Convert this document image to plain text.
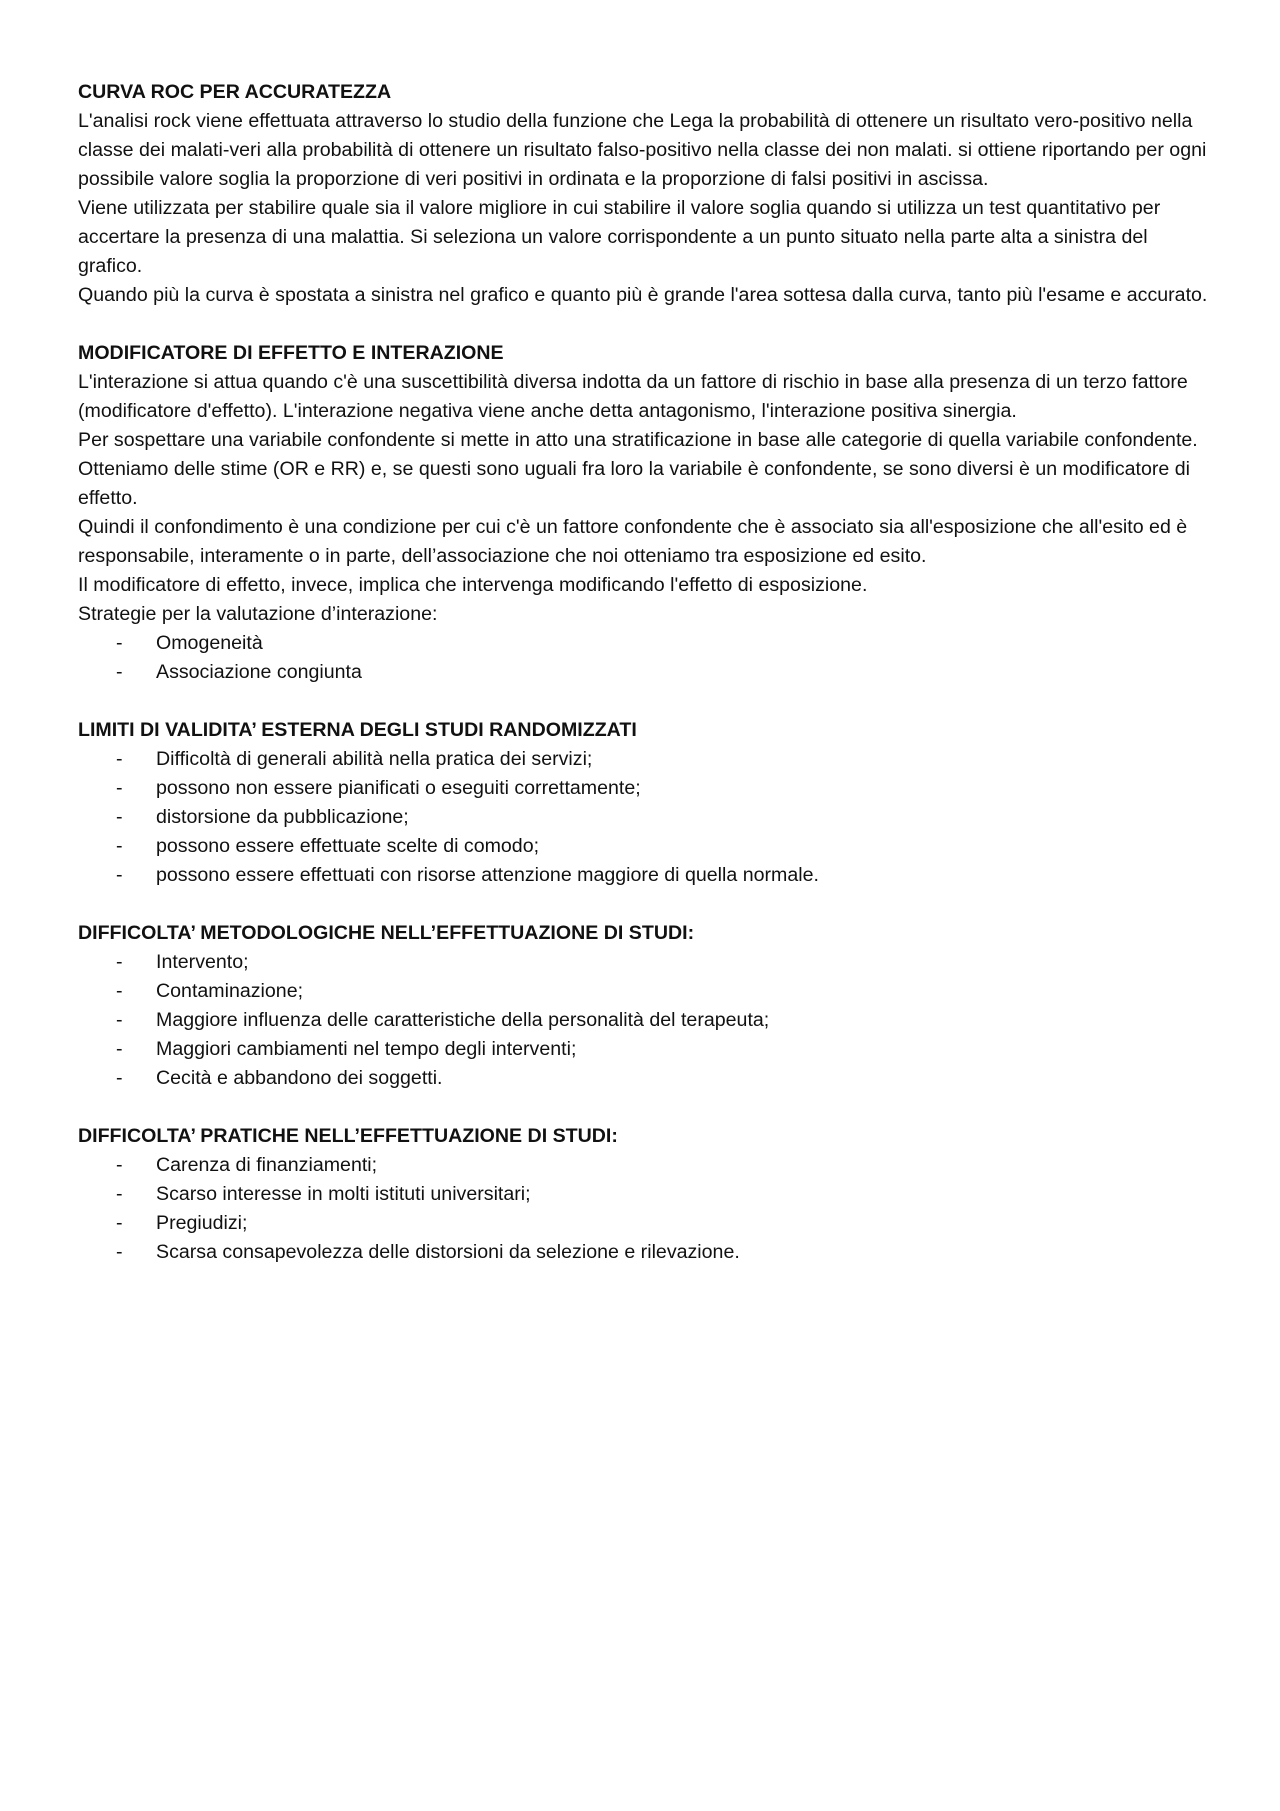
CURVA ROC PER ACCURATEZZA

L'analisi rock viene effettuata attraverso lo studio della funzione che Lega la probabilità di ottenere un risultato vero-positivo nella classe dei malati-veri alla probabilità di ottenere un risultato falso-positivo nella classe dei non malati. si ottiene riportando per ogni possibile valore soglia la proporzione di veri positivi in ordinata e la proporzione di falsi positivi in ascissa.

Viene utilizzata per stabilire quale sia il valore migliore in cui stabilire il valore soglia quando si utilizza un test quantitativo per accertare la presenza di una malattia. Si seleziona un valore corrispondente a un punto situato nella parte alta a sinistra del grafico.

Quando più la curva è spostata a sinistra nel grafico e quanto più è grande l'area sottesa dalla curva, tanto più l'esame e accurato.

MODIFICATORE DI EFFETTO E INTERAZIONE

L'interazione si attua quando c'è una suscettibilità diversa indotta da un fattore di rischio in base alla presenza di un terzo fattore (modificatore d'effetto). L'interazione negativa viene anche detta antagonismo, l'interazione positiva sinergia.

Per sospettare una variabile confondente si mette in atto una stratificazione in base alle categorie di quella variabile confondente. Otteniamo delle stime (OR e RR) e, se questi sono uguali fra loro la variabile è confondente, se sono diversi è un modificatore di effetto.

Quindi il confondimento è una condizione per cui c'è un fattore confondente che è associato sia all'esposizione che all'esito ed è responsabile, interamente o in parte, dell’associazione che noi otteniamo tra esposizione ed esito.

Il modificatore di effetto, invece, implica che intervenga modificando l'effetto di esposizione.

Strategie per la valutazione d’interazione:

- Omogeneità
- Associazione congiunta

LIMITI DI VALIDITA’ ESTERNA DEGLI STUDI RANDOMIZZATI

- Difficoltà di generali abilità nella pratica dei servizi;
- possono non essere pianificati o eseguiti correttamente;
- distorsione da pubblicazione;
- possono essere effettuate scelte di comodo;
- possono essere effettuati con risorse attenzione maggiore di quella normale.

DIFFICOLTA’ METODOLOGICHE NELL’EFFETTUAZIONE DI STUDI:

- Intervento;
- Contaminazione;
- Maggiore influenza delle caratteristiche della personalità del terapeuta;
- Maggiori cambiamenti nel tempo degli interventi;
- Cecità e abbandono dei soggetti.

DIFFICOLTA’ PRATICHE NELL’EFFETTUAZIONE DI STUDI:

- Carenza di finanziamenti;
- Scarso interesse in molti istituti universitari;
- Pregiudizi;
- Scarsa consapevolezza delle distorsioni da selezione e rilevazione.
